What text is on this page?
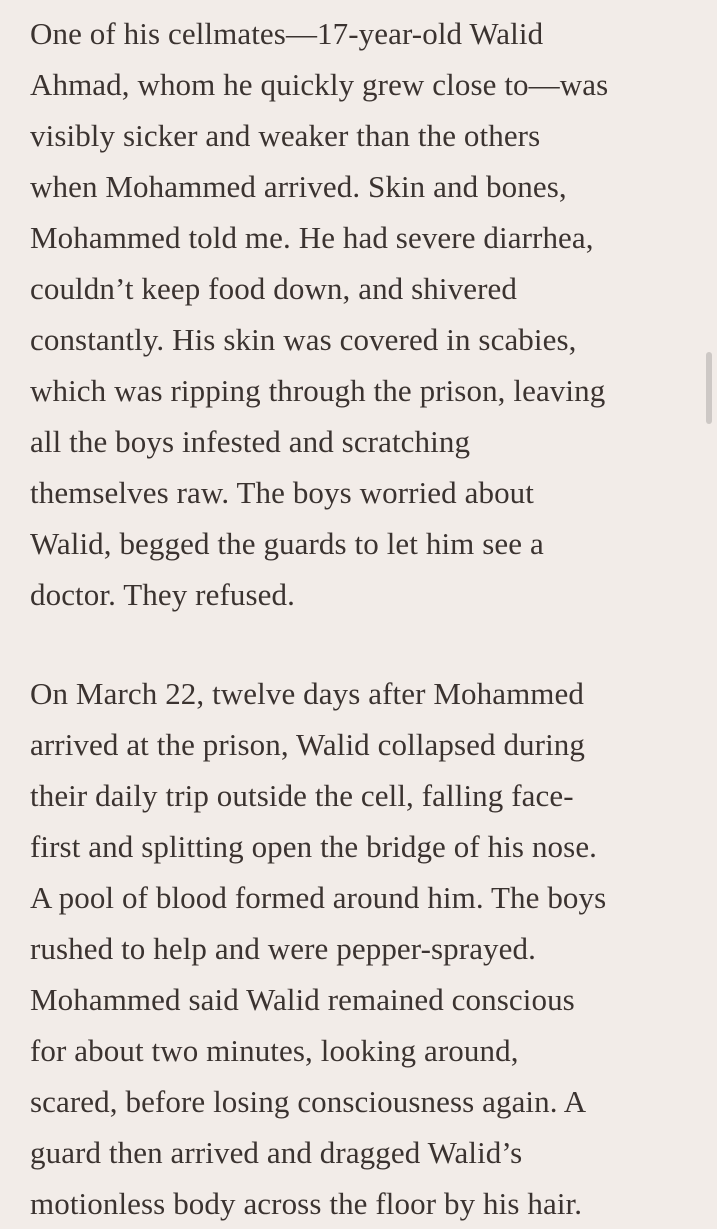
One of his cellmates—17-year-old Walid
Ahmad, whom he quickly grew close to—was
visibly sicker and weaker than the others
when Mohammed arrived. Skin and bones,
Mohammed told me. He had severe diarrhea,
couldn’t keep food down, and shivered
constantly. His skin was covered in scabies,
which was ripping through the prison, leaving
all the boys infested and scratching
themselves raw. The boys worried about
Walid, begged the guards to let him see a
doctor. They refused.

On March 22, twelve days after Mohammed
arrived at the prison, Walid collapsed during
their daily trip outside the cell, falling face-
first and splitting open the bridge of his nose.
A pool of blood formed around him. The boys
rushed to help and were pepper-sprayed.
Mohammed said Walid remained conscious
for about two minutes, looking around,
scared, before losing consciousness again. A
guard then arrived and dragged Walid’s
motionless body across the floor by his hair.
